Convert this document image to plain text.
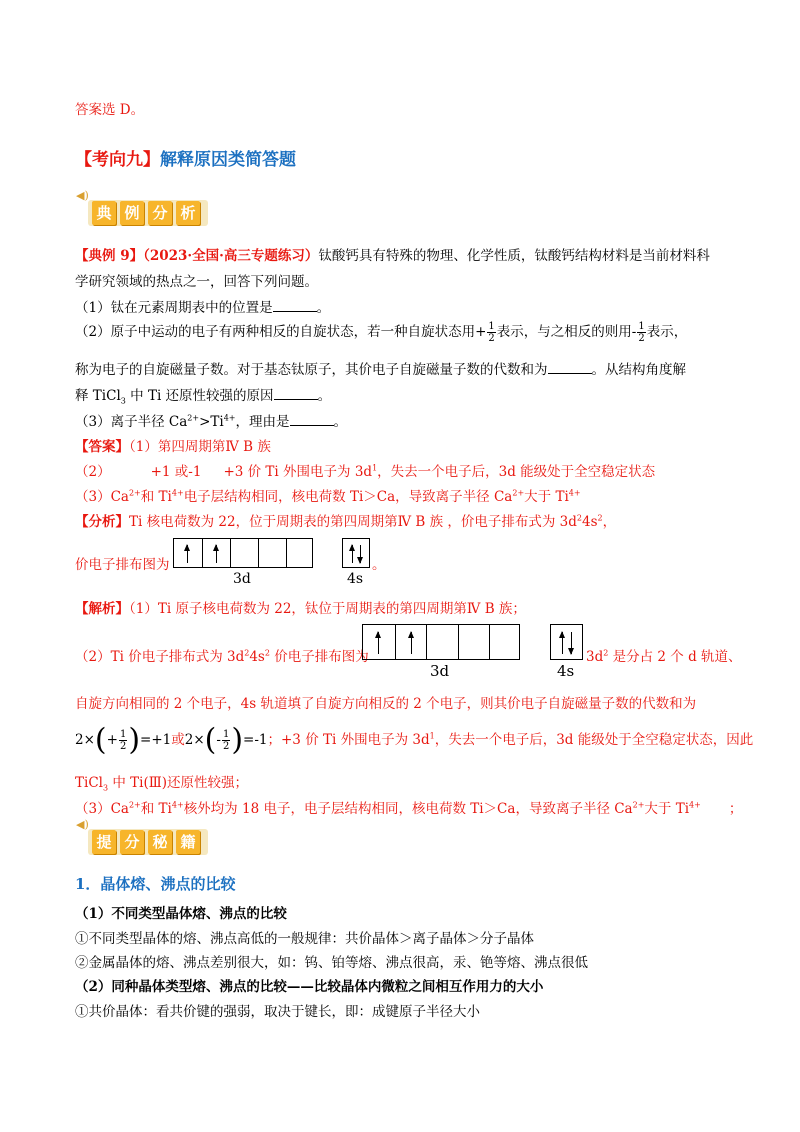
答案选 D。
【考向九】解释原因类简答题
◀)
典 例 分 析
【典例 9】（2023·全国·高三专题练习）钛酸钙具有特殊的物理、化学性质，钛酸钙结构材料是当前材料科
学研究领域的热点之一，回答下列问题。
（1）钛在元素周期表中的位置是	。
（2）原子中运动的电子有两种相反的自旋状态，若一种自旋状态用+ $\frac{1}{2}$ 表示，与之相反的则用- $\frac{1}{2}$ 表示，
称为电子的自旋磁量子数。对于基态钛原子，其价电子自旋磁量子数的代数和为	。从结构角度解
释 TiCl$_3$ 中 Ti 还原性较强的原因	。
（3）离子半径 $Ca^{2+}>Ti^{4+}$，理由是	。
【答案】（1）第四周期第Ⅳ B 族
（2）	+1 或-1 +3 价 Ti 外围电子为 $3d^1$，失去一个电子后，3d 能级处于全空稳定状态
$(3)Ca^{2+}$和 $Ti^{4+}$电子层结构相同，核电荷数 Ti＞Ca，导致离子半径 $Ca^{2+}$大于 $Ti^{4+}$
【分析】Ti 核电荷数为 22，位于周期表的第四周期第Ⅳ B 族 ，价电子排布式为 $3d^24s^2$，
价电子排布图为
3d
。
4s
【解析】（1）Ti 原子核电荷数为 22，钛位于周期表的第四周期第Ⅳ B 族；
（2）Ti 价电子排布式为 $3d^24s^2$ 价电子排布图为
3d	4s
$3d^2$ 是分占 2 个 d 轨道、
自旋方向相同的 2 个电子，4s 轨道填了自旋方向相反的 2 个电子，则其价电子自旋磁量子数的代数和为
$2\times(+ \frac{1}{2} )=+1$或$2\times(- \frac{1}{2} )=-1$；+3 价 Ti 外围电子为 $3d^1$，失去一个电子后，3d 能级处于全空稳定状态，因此
TiCl$_3$ 中 Ti(Ⅲ)还原性较强；
$(3)Ca^{2+}$和 $Ti^{4+}$核外均为 18 电子，电子层结构相同，核电荷数 Ti＞Ca，导致离子半径 $Ca^{2+}$大于 $Ti^{4+}$ ；
◀)
提 分 秘 籍
1．晶体熔、沸点的比较
（1）不同类型晶体熔、沸点的比较
①不同类型晶体的熔、沸点高低的一般规律：共价晶体＞离子晶体＞分子晶体
②金属晶体的熔、沸点差别很大，如：钨、铂等熔、沸点很高，汞、铯等熔、沸点很低
（2）同种晶体类型熔、沸点的比较——比较晶体内微粒之间相互作用力的大小
①共价晶体：看共价键的强弱，取决于键长，即：成键原子半径大小
